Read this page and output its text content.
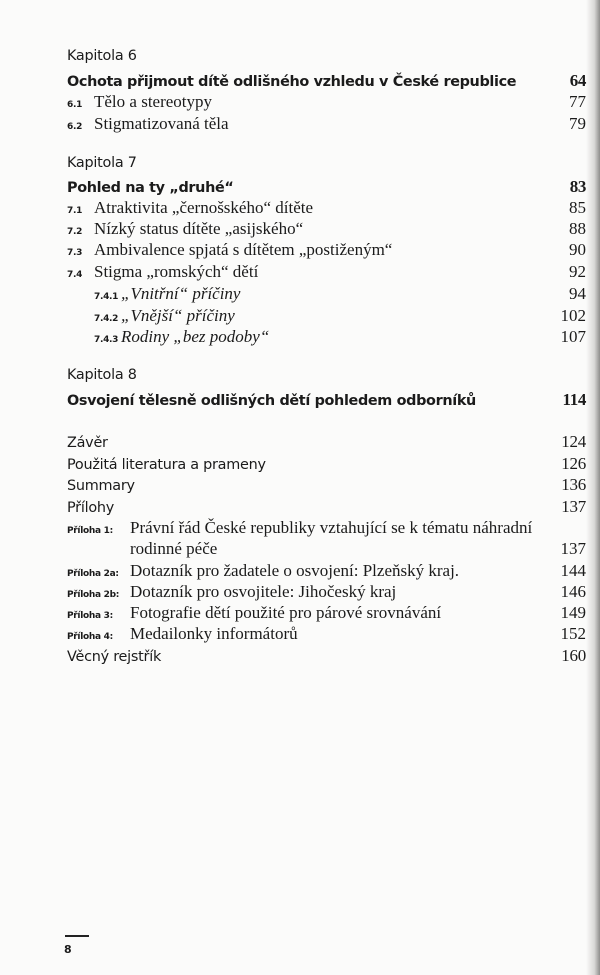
Kapitola 6
Ochota přijmout dítě odlišného vzhledu v České republice	64
6.1 Tělo a stereotypy	77
6.2 Stigmatizovaná těla	79
Kapitola 7
Pohled na ty „druhé“	83
7.1 Atraktivita „černošského“ dítěte	85
7.2 Nízký status dítěte „asijského“	88
7.3 Ambivalence spjatá s dítětem „postiženým“	90
7.4 Stigma „romských“ dětí	92
7.4.1 „Vnitřní“ příčiny	94
7.4.2 „Vnější“ příčiny	102
7.4.3 Rodiny „bez podoby“	107
Kapitola 8
Osvojení tělesně odlišných dětí pohledem odborníků	114
Závěr	124
Použitá literatura a prameny	126
Summary	136
Přílohy	137
Příloha 1:	Právní řád České republiky vztahující se k tématu náhradní
rodinné péče	137
Příloha 2a: Dotazník pro žadatele o osvojení: Plzeňský kraj.	144
Příloha 2b: Dotazník pro osvojitele: Jihočeský kraj	146
Příloha 3:	Fotografie dětí použité pro párové srovnávání	149
Příloha 4:	Medailonky informátorů	152
Věcný rejstřík	160
8
